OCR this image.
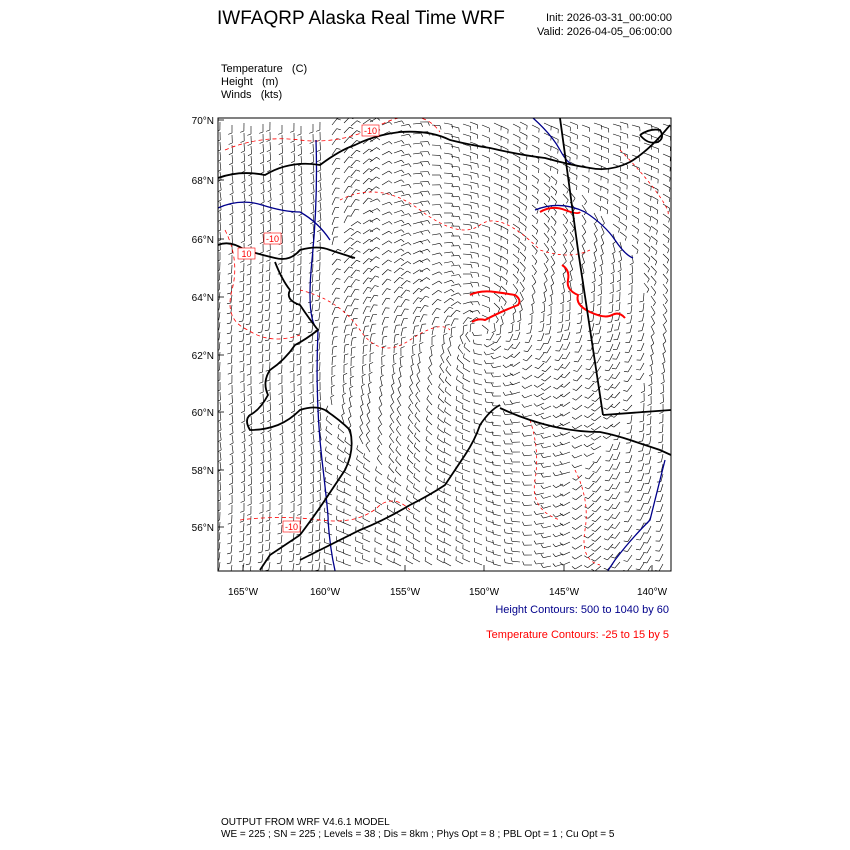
IWFAQRP Alaska Real Time WRF	Init: 2026-03-31_00:00:00
Valid: 2026-04-05_06:00:00
Temperature   (C)
Height   (m)
Winds   (kts)
-10
-10
10
-10
70°N
68°N
66°N
64°N
62°N
60°N
58°N
56°N
165°W	160°W	155°W	150°W	145°W	140°W
Height Contours: 500 to 1040 by 60
Temperature Contours: -25 to 15 by 5
OUTPUT FROM WRF V4.6.1 MODEL
WE = 225 ; SN = 225 ; Levels = 38 ; Dis = 8km ; Phys Opt = 8 ; PBL Opt = 1 ; Cu Opt = 5
